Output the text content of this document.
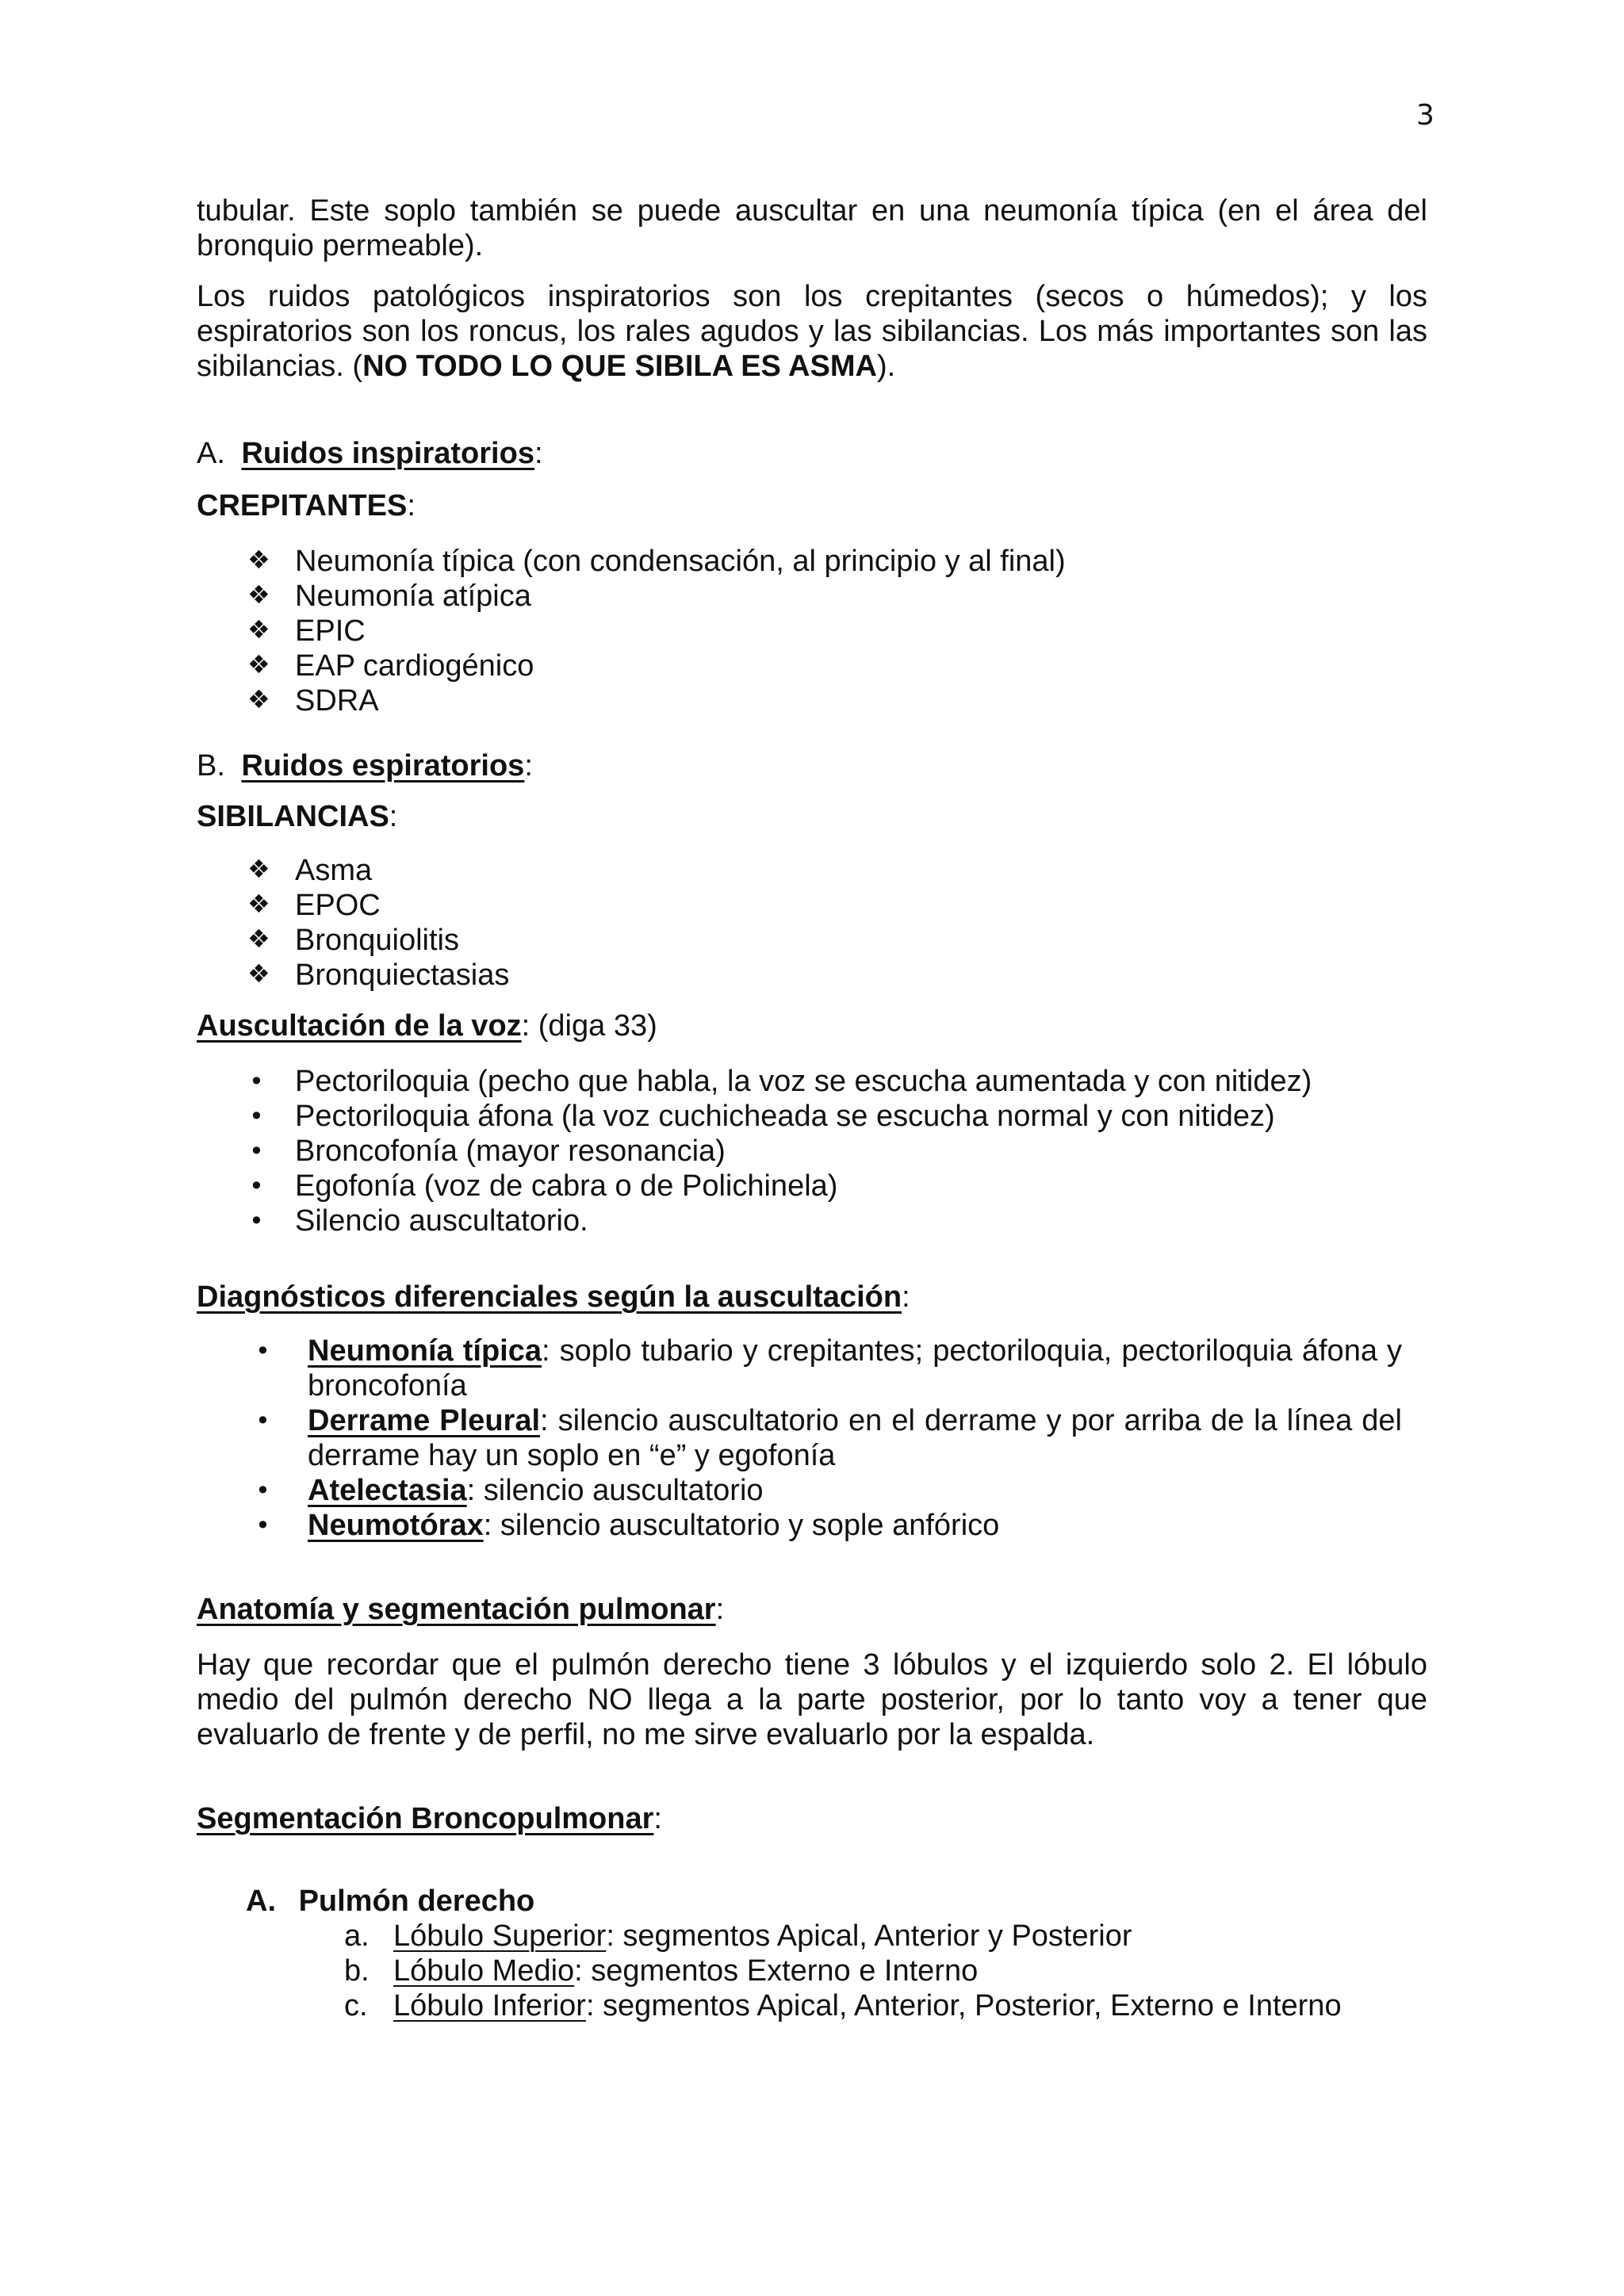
3

tubular. Este soplo también se puede auscultar en una neumonía típica (en el área del bronquio permeable).

Los ruidos patológicos inspiratorios son los crepitantes (secos o húmedos); y los espiratorios son los roncus, los rales agudos y las sibilancias. Los más importantes son las sibilancias. (NO TODO LO QUE SIBILA ES ASMA).

A. Ruidos inspiratorios:
CREPITANTES:
❖ Neumonía típica (con condensación, al principio y al final)
❖ Neumonía atípica
❖ EPIC
❖ EAP cardiogénico
❖ SDRA
B. Ruidos espiratorios:
SIBILANCIAS:
❖ Asma
❖ EPOC
❖ Bronquiolitis
❖ Bronquiectasias
Auscultación de la voz: (diga 33)
• Pectoriloquia (pecho que habla, la voz se escucha aumentada y con nitidez)
• Pectoriloquia áfona (la voz cuchicheada se escucha normal y con nitidez)
• Broncofonía (mayor resonancia)
• Egofonía (voz de cabra o de Polichinela)
• Silencio auscultatorio.
Diagnósticos diferenciales según la auscultación:
• Neumonía típica: soplo tubario y crepitantes; pectoriloquia, pectoriloquia áfona y broncofonía

• Derrame Pleural: silencio auscultatorio en el derrame y por arriba de la línea del derrame hay un soplo en “e” y egofonía

• Atelectasia: silencio auscultatorio
• Neumotórax: silencio auscultatorio y sople anfórico
Anatomía y segmentación pulmonar:

Hay que recordar que el pulmón derecho tiene 3 lóbulos y el izquierdo solo 2. El lóbulo medio del pulmón derecho NO llega a la parte posterior, por lo tanto voy a tener que evaluarlo de frente y de perfil, no me sirve evaluarlo por la espalda.

Segmentación Broncopulmonar:
A. Pulmón derecho
a. Lóbulo Superior: segmentos Apical, Anterior y Posterior
b. Lóbulo Medio: segmentos Externo e Interno
c. Lóbulo Inferior: segmentos Apical, Anterior, Posterior, Externo e Interno
